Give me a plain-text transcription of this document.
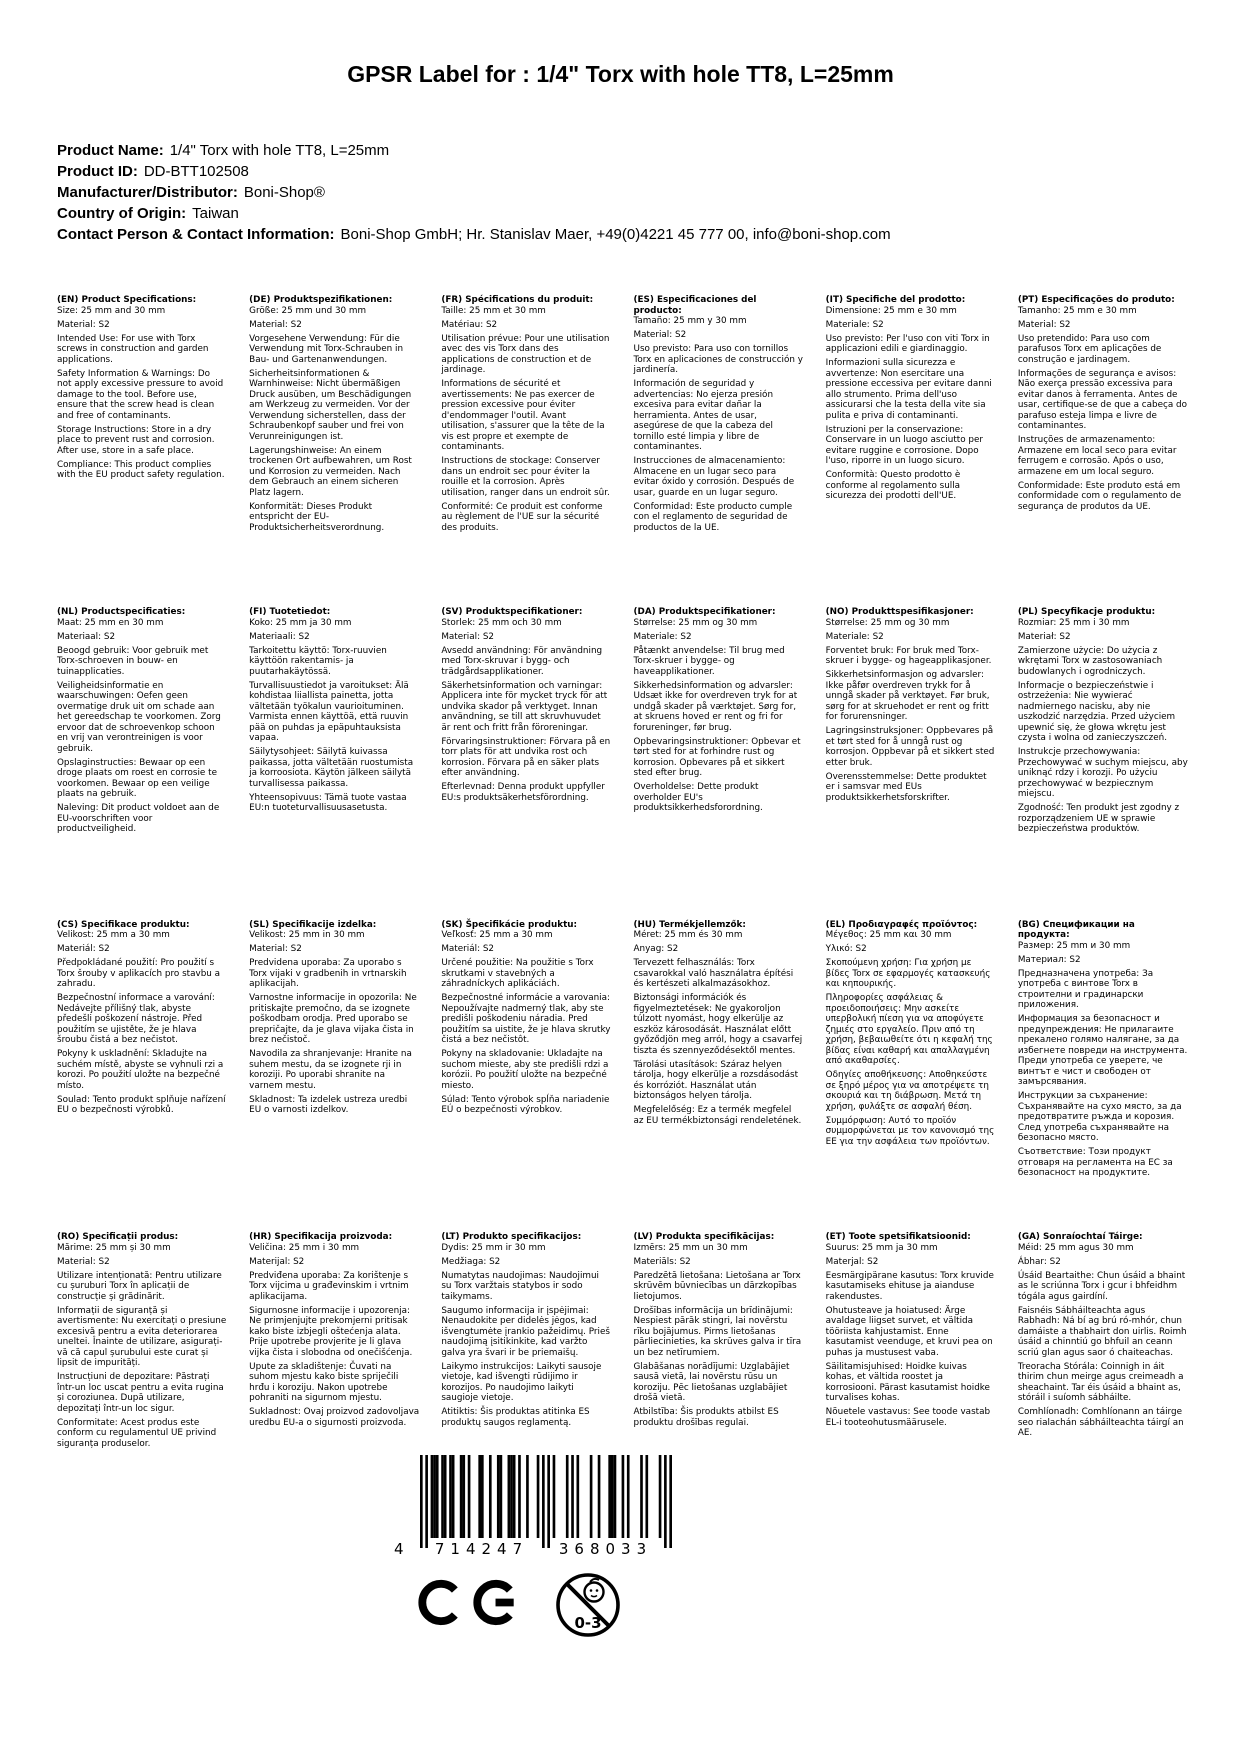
GPSR Label for : 1/4" Torx with hole TT8, L=25mm
Product Name: 1/4" Torx with hole TT8, L=25mm
Product ID: DD-BTT102508
Manufacturer/Distributor: Boni-Shop®
Country of Origin: Taiwan
Contact Person & Contact Information: Boni-Shop GmbH; Hr. Stanislav Maer, +49(0)4221 45 777 00, info@boni-shop.com
(EN) Product Specifications:

Size: 25 mm and 30 mm

Material: S2

Intended Use: For use with Torx screws in construction and garden applications.

Safety Information & Warnings: Do not apply excessive pressure to avoid damage to the tool. Before use, ensure that the screw head is clean and free of contaminants.

Storage Instructions: Store in a dry place to prevent rust and corrosion. After use, store in a safe place.

Compliance: This product complies with the EU product safety regulation.

(DE) Produktspezifikationen:

Größe: 25 mm und 30 mm

Material: S2

Vorgesehene Verwendung: Für die Verwendung mit Torx-Schrauben in Bau- und Gartenanwendungen.

Sicherheitsinformationen & Warnhinweise: Nicht übermäßigen Druck ausüben, um Beschädigungen am Werkzeug zu vermeiden. Vor der Verwendung sicherstellen, dass der Schraubenkopf sauber und frei von Verunreinigungen ist.

Lagerungshinweise: An einem trockenen Ort aufbewahren, um Rost und Korrosion zu vermeiden. Nach dem Gebrauch an einem sicheren Platz lagern.

Konformität: Dieses Produkt entspricht der EU-Produktsicherheitsverordnung.

(FR) Spécifications du produit:

Taille: 25 mm et 30 mm

Matériau: S2

Utilisation prévue: Pour une utilisation avec des vis Torx dans des applications de construction et de jardinage.

Informations de sécurité et avertissements: Ne pas exercer de pression excessive pour éviter d'endommager l'outil. Avant utilisation, s'assurer que la tête de la vis est propre et exempte de contaminants.

Instructions de stockage: Conserver dans un endroit sec pour éviter la rouille et la corrosion. Après utilisation, ranger dans un endroit sûr.

Conformité: Ce produit est conforme au règlement de l'UE sur la sécurité des produits.

(ES) Especificaciones del producto:

Tamaño: 25 mm y 30 mm

Material: S2

Uso previsto: Para uso con tornillos Torx en aplicaciones de construcción y jardinería.

Información de seguridad y advertencias: No ejerza presión excesiva para evitar dañar la herramienta. Antes de usar, asegúrese de que la cabeza del tornillo esté limpia y libre de contaminantes.

Instrucciones de almacenamiento: Almacene en un lugar seco para evitar óxido y corrosión. Después de usar, guarde en un lugar seguro.

Conformidad: Este producto cumple con el reglamento de seguridad de productos de la UE.

(IT) Specifiche del prodotto:

Dimensione: 25 mm e 30 mm

Materiale: S2

Uso previsto: Per l'uso con viti Torx in applicazioni edili e giardinaggio.

Informazioni sulla sicurezza e avvertenze: Non esercitare una pressione eccessiva per evitare danni allo strumento. Prima dell'uso assicurarsi che la testa della vite sia pulita e priva di contaminanti.

Istruzioni per la conservazione: Conservare in un luogo asciutto per evitare ruggine e corrosione. Dopo l'uso, riporre in un luogo sicuro.

Conformità: Questo prodotto è conforme al regolamento sulla sicurezza dei prodotti dell'UE.

(PT) Especificações do produto:

Tamanho: 25 mm e 30 mm

Material: S2

Uso pretendido: Para uso com parafusos Torx em aplicações de construção e jardinagem.

Informações de segurança e avisos: Não exerça pressão excessiva para evitar danos à ferramenta. Antes de usar, certifique-se de que a cabeça do parafuso esteja limpa e livre de contaminantes.

Instruções de armazenamento: Armazene em local seco para evitar ferrugem e corrosão. Após o uso, armazene em um local seguro.

Conformidade: Este produto está em conformidade com o regulamento de segurança de produtos da UE.

(NL) Productspecificaties:

Maat: 25 mm en 30 mm

Materiaal: S2

Beoogd gebruik: Voor gebruik met Torx-schroeven in bouw- en tuinapplicaties.

Veiligheidsinformatie en waarschuwingen: Oefen geen overmatige druk uit om schade aan het gereedschap te voorkomen. Zorg ervoor dat de schroevenkop schoon en vrij van verontreinigen is voor gebruik.

Opslaginstructies: Bewaar op een droge plaats om roest en corrosie te voorkomen. Bewaar op een veilige plaats na gebruik.

Naleving: Dit product voldoet aan de EU-voorschriften voor productveiligheid.

(FI) Tuotetiedot:

Koko: 25 mm ja 30 mm

Materiaali: S2

Tarkoitettu käyttö: Torx-ruuvien käyttöön rakentamis- ja puutarhakäytössä.

Turvallisuustiedot ja varoitukset: Älä kohdistaa liiallista painetta, jotta vältetään työkalun vaurioituminen. Varmista ennen käyttöä, että ruuvin pää on puhdas ja epäpuhtauksista vapaa.

Säilytysohjeet: Säilytä kuivassa paikassa, jotta vältetään ruostumista ja korroosiota. Käytön jälkeen säilytä turvallisessa paikassa.

Yhteensopivuus: Tämä tuote vastaa EU:n tuoteturvallisuusasetusta.

(SV) Produktspecifikationer:

Storlek: 25 mm och 30 mm

Material: S2

Avsedd användning: För användning med Torx-skruvar i bygg- och trädgårdsapplikationer.

Säkerhetsinformation och varningar: Applicera inte för mycket tryck för att undvika skador på verktyget. Innan användning, se till att skruvhuvudet är rent och fritt från föroreningar.

Förvaringsinstruktioner: Förvara på en torr plats för att undvika rost och korrosion. Förvara på en säker plats efter användning.

Efterlevnad: Denna produkt uppfyller EU:s produktsäkerhetsförordning.

(DA) Produktspecifikationer:

Størrelse: 25 mm og 30 mm

Materiale: S2

Påtænkt anvendelse: Til brug med Torx-skruer i bygge- og haveapplikationer.

Sikkerhedsinformation og advarsler: Udsæt ikke for overdreven tryk for at undgå skader på værktøjet. Sørg for, at skruens hoved er rent og fri for forureninger, før brug.

Opbevaringsinstruktioner: Opbevar et tørt sted for at forhindre rust og korrosion. Opbevares på et sikkert sted efter brug.

Overholdelse: Dette produkt overholder EU's produktsikkerhedsforordning.

(NO) Produkttspesifikasjoner:

Størrelse: 25 mm og 30 mm

Materiale: S2

Forventet bruk: For bruk med Torx-skruer i bygge- og hageapplikasjoner.

Sikkerhetsinformasjon og advarsler: Ikke påfør overdreven trykk for å unngå skader på verktøyet. Før bruk, sørg for at skruehodet er rent og fritt for forurensninger.

Lagringsinstruksjoner: Oppbevares på et tørt sted for å unngå rust og korrosjon. Oppbevar på et sikkert sted etter bruk.

Overensstemmelse: Dette produktet er i samsvar med EUs produktsikkerhetsforskrifter.

(PL) Specyfikacje produktu:

Rozmiar: 25 mm i 30 mm

Materiał: S2

Zamierzone użycie: Do użycia z wkrętami Torx w zastosowaniach budowlanych i ogrodniczych.

Informacje o bezpieczeństwie i ostrzeżenia: Nie wywierać nadmiernego nacisku, aby nie uszkodzić narzędzia. Przed użyciem upewnić się, że głowa wkrętu jest czysta i wolna od zanieczyszczeń.

Instrukcje przechowywania: Przechowywać w suchym miejscu, aby uniknąć rdzy i korozji. Po użyciu przechowywać w bezpiecznym miejscu.

Zgodność: Ten produkt jest zgodny z rozporządzeniem UE w sprawie bezpieczeństwa produktów.

(CS) Specifikace produktu:

Velikost: 25 mm a 30 mm

Materiál: S2

Předpokládané použití: Pro použití s Torx šrouby v aplikacích pro stavbu a zahradu.

Bezpečnostní informace a varování: Nedávejte přílišný tlak, abyste předešli poškození nástroje. Před použitím se ujistěte, že je hlava šroubu čistá a bez nečistot.

Pokyny k uskladnění: Skladujte na suchém místě, abyste se vyhnuli rzi a korozi. Po použití uložte na bezpečné místo.

Soulad: Tento produkt splňuje nařízení EU o bezpečnosti výrobků.

(SL) Specifikacije izdelka:

Velikost: 25 mm in 30 mm

Material: S2

Predvidena uporaba: Za uporabo s Torx vijaki v gradbenih in vrtnarskih aplikacijah.

Varnostne informacije in opozorila: Ne pritiskajte premočno, da se izognete poškodbam orodja. Pred uporabo se prepričajte, da je glava vijaka čista in brez nečistoč.

Navodila za shranjevanje: Hranite na suhem mestu, da se izognete rji in koroziji. Po uporabi shranite na varnem mestu.

Skladnost: Ta izdelek ustreza uredbi EU o varnosti izdelkov.

(SK) Špecifikácie produktu:

Veľkosť: 25 mm a 30 mm

Materiál: S2

Určené použitie: Na použitie s Torx skrutkami v stavebných a záhradníckych aplikáciách.

Bezpečnostné informácie a varovania: Nepoužívajte nadmerný tlak, aby ste predišli poškodeniu náradia. Pred použitím sa uistite, že je hlava skrutky čistá a bez nečistôt.

Pokyny na skladovanie: Ukladajte na suchom mieste, aby ste predišli rdzi a korózii. Po použití uložte na bezpečné miesto.

Súlad: Tento výrobok spĺňa nariadenie EÚ o bezpečnosti výrobkov.

(HU) Termékjellemzők:

Méret: 25 mm és 30 mm

Anyag: S2

Tervezett felhasználás: Torx csavarokkal való használatra építési és kertészeti alkalmazásokhoz.

Biztonsági információk és figyelmeztetések: Ne gyakoroljon túlzott nyomást, hogy elkerülje az eszköz károsodását. Használat előtt győződjön meg arról, hogy a csavarfej tiszta és szennyeződésektől mentes.

Tárolási utasítások: Száraz helyen tárolja, hogy elkerülje a rozsdásodást és korróziót. Használat után biztonságos helyen tárolja.

Megfelelőség: Ez a termék megfelel az EU termékbiztonsági rendeletének.

(EL) Προδιαγραφές προϊόντος:

Μέγεθος: 25 mm και 30 mm

Υλικό: S2

Σκοπούμενη χρήση: Για χρήση με βίδες Torx σε εφαρμογές κατασκευής και κηπουρικής.

Πληροφορίες ασφάλειας & προειδοποιήσεις: Μην ασκείτε υπερβολική πίεση για να αποφύγετε ζημιές στο εργαλείο. Πριν από τη χρήση, βεβαιωθείτε ότι η κεφαλή της βίδας είναι καθαρή και απαλλαγμένη από ακαθαρσίες.

Οδηγίες αποθήκευσης: Αποθηκεύστε σε ξηρό μέρος για να αποτρέψετε τη σκουριά και τη διάβρωση. Μετά τη χρήση, φυλάξτε σε ασφαλή θέση.

Συμμόρφωση: Αυτό το προϊόν συμμορφώνεται με τον κανονισμό της ΕΕ για την ασφάλεια των προϊόντων.

(BG) Спецификации на продукта:

Размер: 25 mm и 30 mm

Материал: S2

Предназначена употреба: За употреба с винтове Torx в строителни и градинарски приложения.

Информация за безопасност и предупреждения: Не прилагаите прекалено голямо налягане, за да избегнете повреди на инструмента. Преди употреба се уверете, че винтът е чист и свободен от замърсявания.

Инструкции за съхранение: Съхранявайте на сухо място, за да предотвратите ръжда и корозия. След употреба съхранявайте на безопасно място.

Съответствие: Този продукт отговаря на регламента на ЕС за безопасност на продуктите.

(RO) Specificații produs:

Mărime: 25 mm și 30 mm

Material: S2

Utilizare intenționată: Pentru utilizare cu șuruburi Torx în aplicații de construcție și grădinărit.

Informații de siguranță și avertismente: Nu exercitați o presiune excesivă pentru a evita deteriorarea uneltei. Înainte de utilizare, asigurați-vă că capul șurubului este curat și lipsit de impurități.

Instrucțiuni de depozitare: Păstrați într-un loc uscat pentru a evita rugina și coroziunea. După utilizare, depozitați într-un loc sigur.

Conformitate: Acest produs este conform cu regulamentul UE privind siguranța produselor.

(HR) Specifikacija proizvoda:

Veličina: 25 mm i 30 mm

Materijal: S2

Predviđena uporaba: Za korištenje s Torx vijcima u građevinskim i vrtnim aplikacijama.

Sigurnosne informacije i upozorenja: Ne primjenjujte prekomjerni pritisak kako biste izbjegli oštećenja alata. Prije upotrebe provjerite je li glava vijka čista i slobodna od onečišćenja.

Upute za skladištenje: Čuvati na suhom mjestu kako biste spriječili hrđu i koroziju. Nakon upotrebe pohraniti na sigurnom mjestu.

Sukladnost: Ovaj proizvod zadovoljava uredbu EU-a o sigurnosti proizvoda.

(LT) Produkto specifikacijos:

Dydis: 25 mm ir 30 mm

Medžiaga: S2

Numatytas naudojimas: Naudojimui su Torx varžtais statybos ir sodo taikymams.

Saugumo informacija ir įspėjimai: Nenaudokite per didelės jėgos, kad išvengtumėte įrankio pažeidimų. Prieš naudojimą įsitikinkite, kad varžto galva yra švari ir be priemaišų.

Laikymo instrukcijos: Laikyti sausoje vietoje, kad išvengti rūdijimo ir korozijos. Po naudojimo laikyti saugioje vietoje.

Atitiktis: Šis produktas atitinka ES produktų saugos reglamentą.

(LV) Produkta specifikācijas:

Izmērs: 25 mm un 30 mm

Materiāls: S2

Paredzētā lietošana: Lietošana ar Torx skrūvēm būvniecības un dārzkopības lietojumos.

Drošības informācija un brīdinājumi: Nespiest pārāk stingri, lai novērstu rīku bojājumus. Pirms lietošanas pārliecinieties, ka skrūves galva ir tīra un bez netīrumiem.

Glabāšanas norādījumi: Uzglabājiet sausā vietā, lai novērstu rūsu un koroziju. Pēc lietošanas uzglabājiet drošā vietā.

Atbilstība: Šis produkts atbilst ES produktu drošības regulai.

(ET) Toote spetsifikatsioonid:

Suurus: 25 mm ja 30 mm

Materjal: S2

Eesmärgipärane kasutus: Torx kruvide kasutamiseks ehituse ja aianduse rakendustes.

Ohutusteave ja hoiatused: Ärge avaldage liigset survet, et vältida tööriista kahjustamist. Enne kasutamist veenduge, et kruvi pea on puhas ja mustusest vaba.

Säilitamisjuhised: Hoidke kuivas kohas, et vältida roostet ja korrosiooni. Pärast kasutamist hoidke turvalises kohas.

Nõuetele vastavus: See toode vastab EL-i tooteohutusmäärusele.

(GA) Sonraíochtaí Táirge:

Méid: 25 mm agus 30 mm

Ábhar: S2

Úsáid Beartaithe: Chun úsáid a bhaint as le scriúnna Torx i gcur i bhfeidhm tógála agus gairdíní.

Faisnéis Sábháilteachta agus Rabhadh: Ná bí ag brú ró-mhór, chun damáiste a thabhairt don uirlis. Roimh úsáid a chinntiú go bhfuil an ceann scriú glan agus saor ó chaiteachas.

Treoracha Stórála: Coinnigh in áit thirim chun meirge agus creimeadh a sheachaint. Tar éis úsáid a bhaint as, stóráil i suíomh sábháilte.

Comhlíonadh: Comhlíonann an táirge seo rialachán sábháilteachta táirgí an AE.

4	714247	368033
0-3
